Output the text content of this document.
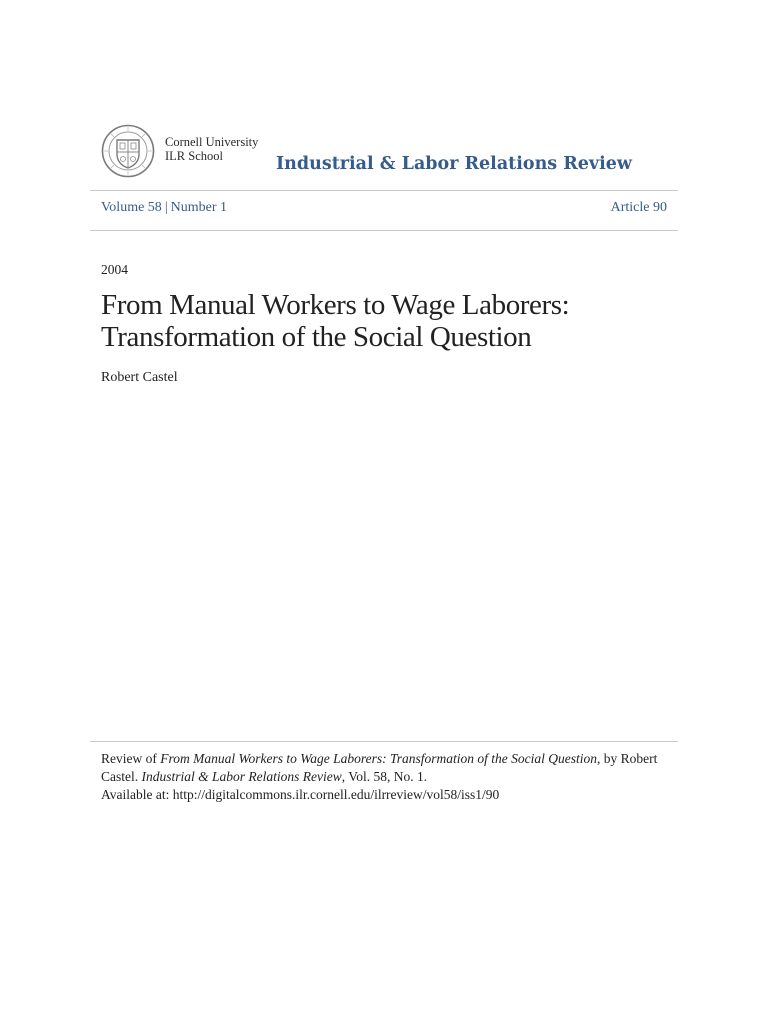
Cornell University
ILR School	Industrial & Labor Relations Review
Volume 58 | Number 1	Article 90
2004
From Manual Workers to Wage Laborers:
Transformation of the Social Question
Robert Castel
Review of From Manual Workers to Wage Laborers: Transformation of the Social Question, by Robert
Castel. Industrial & Labor Relations Review, Vol. 58, No. 1.
Available at: http://digitalcommons.ilr.cornell.edu/ilrreview/vol58/iss1/90
